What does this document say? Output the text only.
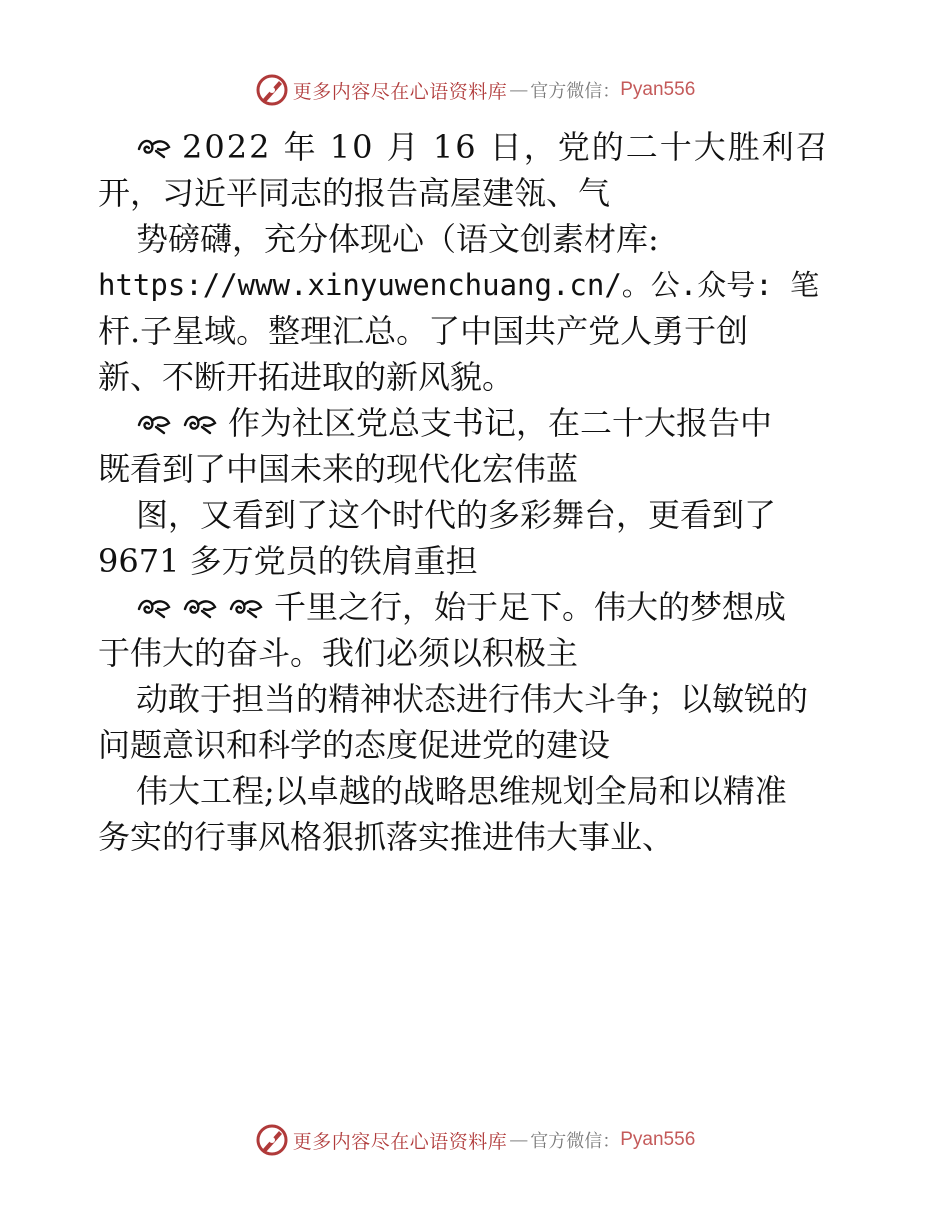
更多内容尽在心语资料库 — 官方微信： Pyan556
2022 年 10 月 16 日，党的二十大胜利召
开，习近平同志的报告高屋建瓴、气
势磅礴，充分体现心（语文创素材库:
https://www.xinyuwenchuang.cn/。公.众号: 笔
杆.子星域。整理汇总。了中国共产党人勇于创
新、不断开拓进取的新风貌。
作为社区党总支书记，在二十大报告中
既看到了中国未来的现代化宏伟蓝
图，又看到了这个时代的多彩舞台，更看到了
9671 多万党员的铁肩重担
千里之行，始于足下。伟大的梦想成
于伟大的奋斗。我们必须以积极主
动敢于担当的精神状态进行伟大斗争；以敏锐的
问题意识和科学的态度促进党的建设
伟大工程;以卓越的战略思维规划全局和以精准
务实的行事风格狠抓落实推进伟大事业、
更多内容尽在心语资料库 — 官方微信： Pyan556
